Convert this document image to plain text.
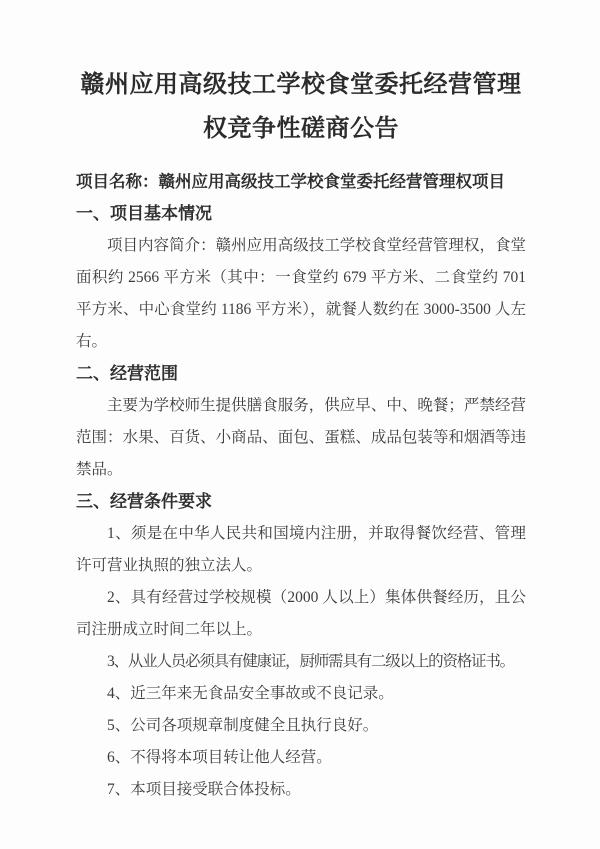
赣州应用高级技工学校食堂委托经营管理
权竞争性磋商公告

项目名称：赣州应用高级技工学校食堂委托经营管理权项目

一、项目基本情况

项目内容简介：赣州应用高级技工学校食堂经营管理权，食堂面积约 2566 平方米（其中：一食堂约 679 平方米、二食堂约 701 平方米、中心食堂约 1186 平方米），就餐人数约在 3000-3500 人左右。

二、经营范围

主要为学校师生提供膳食服务，供应早、中、晚餐；严禁经营范围：水果、百货、小商品、面包、蛋糕、成品包装等和烟酒等违禁品。

三、经营条件要求

1、须是在中华人民共和国境内注册，并取得餐饮经营、管理许可营业执照的独立法人。

2、具有经营过学校规模（2000 人以上）集体供餐经历，且公司注册成立时间二年以上。

3、从业人员必须具有健康证，厨师需具有二级以上的资格证书。

4、近三年来无食品安全事故或不良记录。

5、公司各项规章制度健全且执行良好。

6、不得将本项目转让他人经营。

7、本项目接受联合体投标。
